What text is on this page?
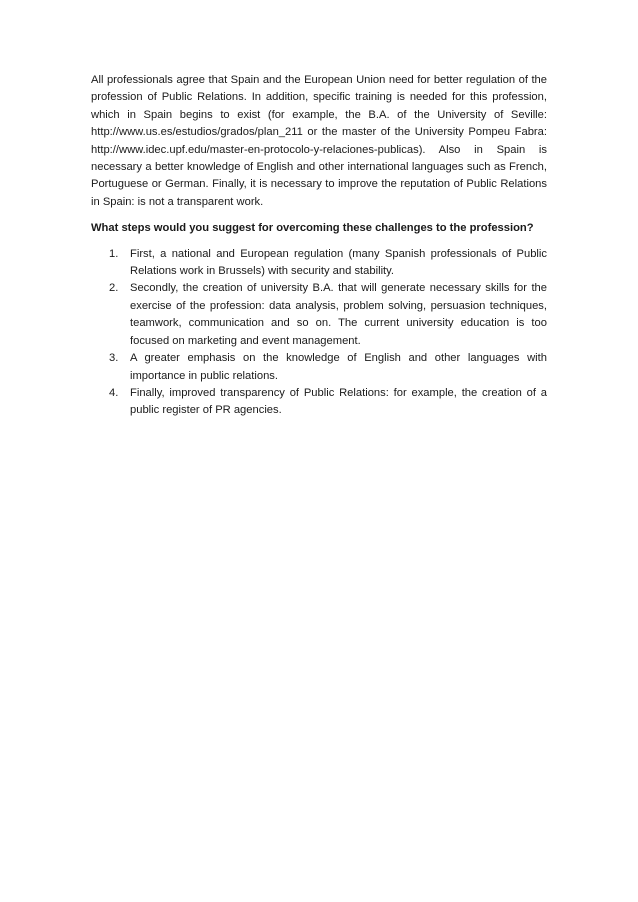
All professionals agree that Spain and the European Union need for better regulation of the profession of Public Relations. In addition, specific training is needed for this profession, which in Spain begins to exist (for example, the B.A. of the University of Seville: http://www.us.es/estudios/grados/plan_211 or the master of the University Pompeu Fabra: http://www.idec.upf.edu/master-en-protocolo-y-relaciones-publicas). Also in Spain is necessary a better knowledge of English and other international languages such as French, Portuguese or German. Finally, it is necessary to improve the reputation of Public Relations in Spain: is not a transparent work.

What steps would you suggest for overcoming these challenges to the profession?

1.	First, a national and European regulation (many Spanish professionals of Public Relations work in Brussels) with security and stability.
2.	Secondly, the creation of university B.A. that will generate necessary skills for the exercise of the profession: data analysis, problem solving, persuasion techniques, teamwork, communication and so on. The current university education is too focused on marketing and event management.
3.	A greater emphasis on the knowledge of English and other languages with importance in public relations.
4.	Finally, improved transparency of Public Relations: for example, the creation of a public register of PR agencies.
